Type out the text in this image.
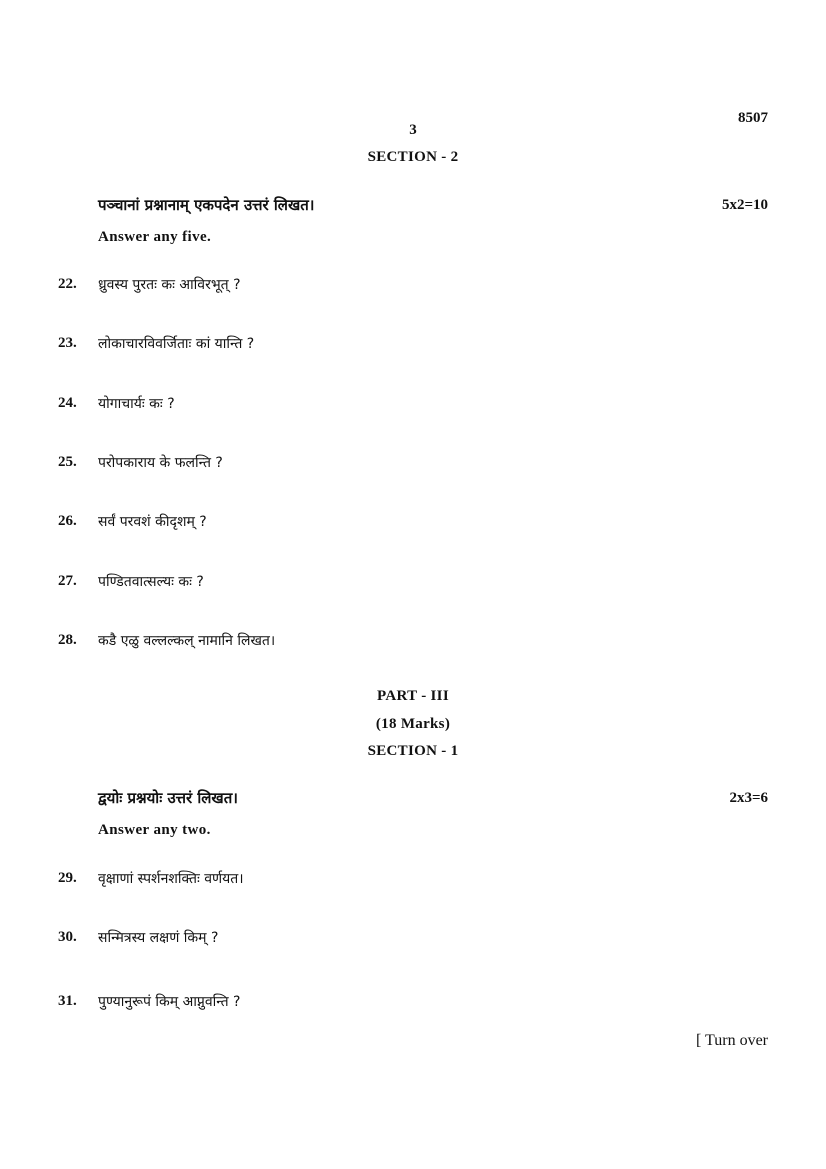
8507
3
SECTION - 2
पञ्चानां प्रश्नानाम् एकपदेन उत्तरं लिखत।	5x2=10
Answer any five.
22.	ध्रुवस्य पुरतः कः आविरभूत् ?
23.	लोकाचारविवर्जिताः कां यान्ति ?
24.	योगाचार्यः कः ?
25.	परोपकाराय के फलन्ति ?
26.	सर्वं परवशं कीदृशम् ?
27.	पण्डितवात्सल्यः कः ?
28.	कडै एळु वल्लल्कल् नामानि लिखत।
PART - III
(18 Marks)
SECTION - 1
द्वयोः प्रश्नयोः उत्तरं लिखत।	2x3=6
Answer any two.
29.	वृक्षाणां स्पर्शनशक्तिः वर्णयत।
30.	सन्मित्रस्य लक्षणं किम् ?
31.	पुण्यानुरूपं किम् आप्नुवन्ति ?
[ Turn over
